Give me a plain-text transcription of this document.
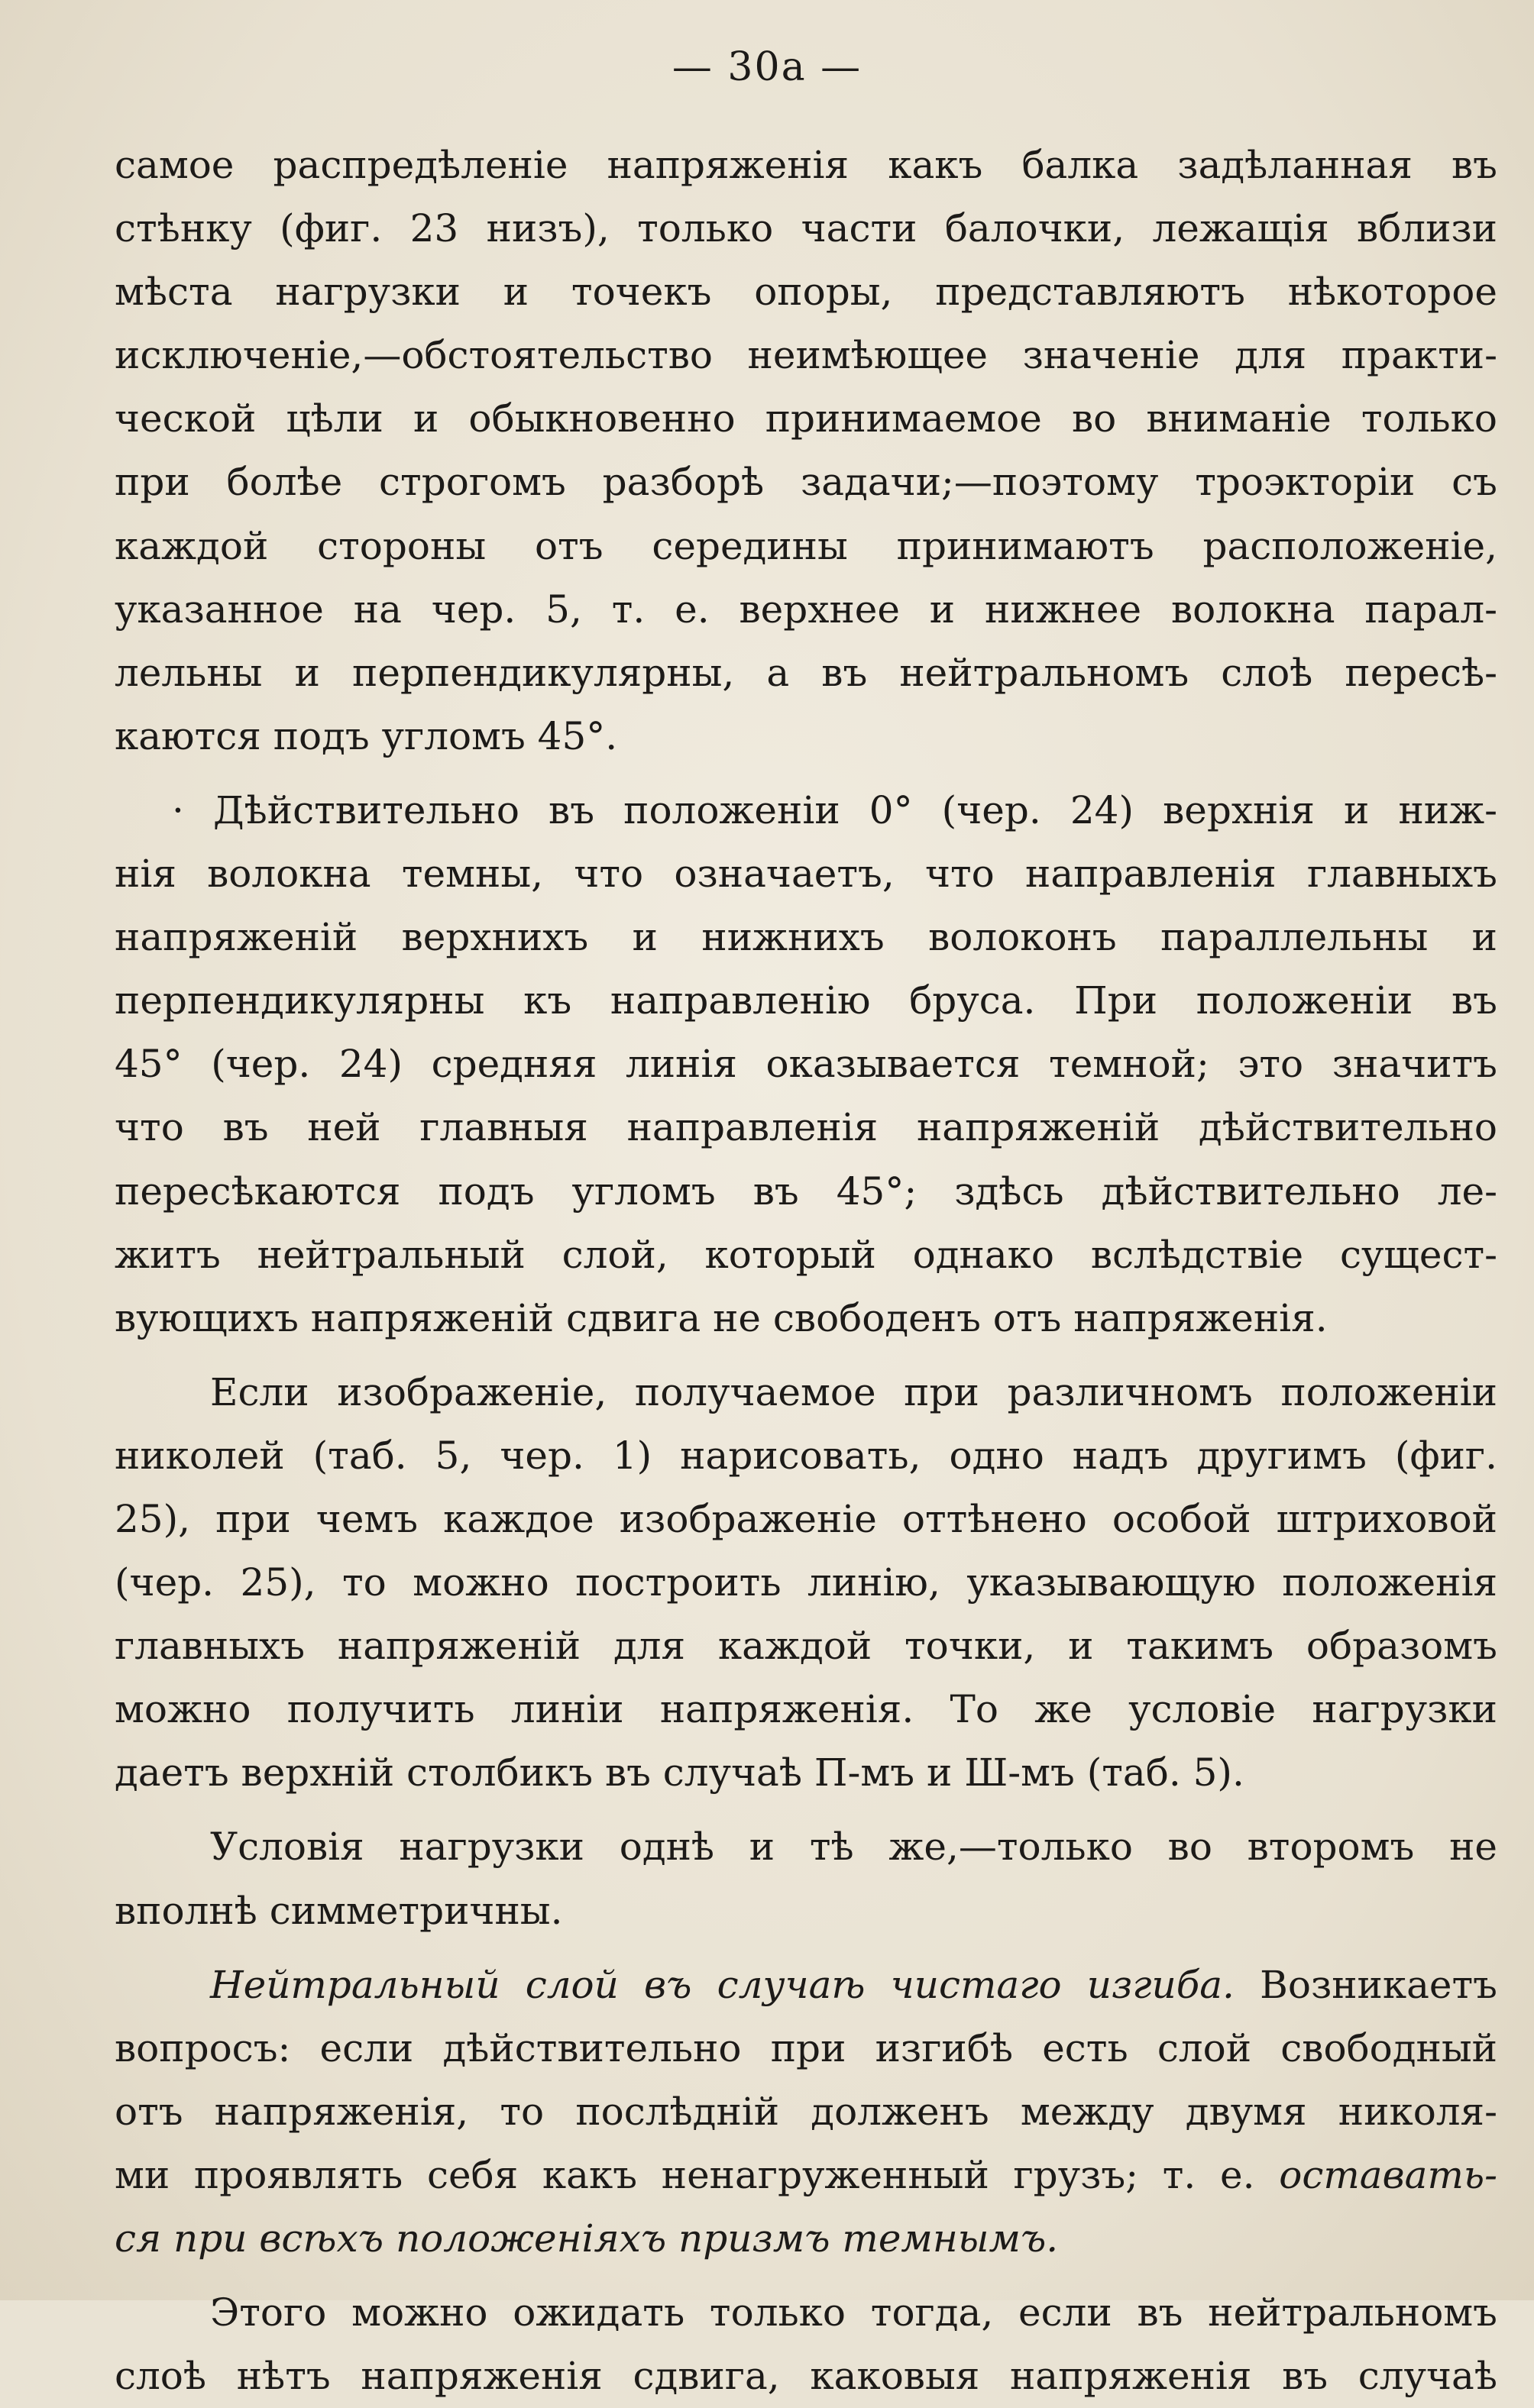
— 30а —
самое распредѣленіе напряженія какъ балка задѣланная въ
стѣнку (фиг. 23 низъ), только части балочки, лежащія вблизи
мѣста нагрузки и точекъ опоры, представляютъ нѣкоторое
исключеніе,—обстоятельство неимѣющее значеніе для практи-
ческой цѣли и обыкновенно принимаемое во вниманіе только
при болѣе строгомъ разборѣ задачи;—поэтому троэкторіи съ
каждой стороны отъ середины принимаютъ расположеніе,
указанное на чер. 5, т. е. верхнее и нижнее волокна парал-
лельны и перпендикулярны, а въ нейтральномъ слоѣ пересѣ-
каются подъ угломъ 45°.
· Дѣйствительно въ положеніи 0° (чер. 24) верхнія и ниж-
нія волокна темны, что означаетъ, что направленія главныхъ
напряженій верхнихъ и нижнихъ волоконъ параллельны и
перпендикулярны къ направленію бруса. При положеніи въ
45° (чер. 24) средняя линія оказывается темной; это значитъ
что въ ней главныя направленія напряженій дѣйствительно
пересѣкаются подъ угломъ въ 45°; здѣсь дѣйствительно ле-
житъ нейтральный слой, который однако вслѣдствіе сущест-
вующихъ напряженій сдвига не свободенъ отъ напряженія.
Если изображеніе, получаемое при различномъ положеніи
николей (таб. 5, чер. 1) нарисовать, одно надъ другимъ (фиг.
25), при чемъ каждое изображеніе оттѣнено особой штриховой
(чер. 25), то можно построить линію, указывающую положенія
главныхъ напряженій для каждой точки, и такимъ образомъ
можно получить линіи напряженія. То же условіе нагрузки
даетъ верхній столбикъ въ случаѣ П-мъ и Ш-мъ (таб. 5).
Условія нагрузки однѣ и тѣ же,—только во второмъ не
вполнѣ симметричны.
Нейтральный слой въ случаѣ чистаго изгиба. Возникаетъ
вопросъ: если дѣйствительно при изгибѣ есть слой свободный
отъ напряженія, то послѣдній долженъ между двумя николя-
ми проявлять себя какъ ненагруженный грузъ; т. е. оставать-
ся при всѣхъ положеніяхъ призмъ темнымъ.
Этого можно ожидать только тогда, если въ нейтральномъ
слоѣ нѣтъ напряженія сдвига, каковыя напряженія въ случаѣ
